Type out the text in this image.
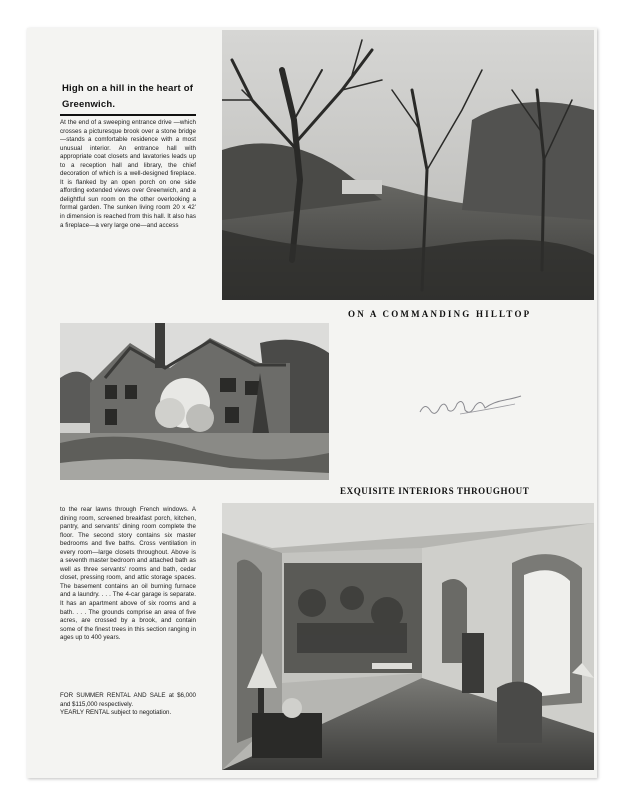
High on a hill in the heart of
Greenwich.
At the end of a sweeping entrance drive —which crosses a picturesque brook over a stone bridge—stands a comfortable residence with a most unusual interior. An entrance hall with appropriate coat closets and lavatories leads up to a reception hall and library, the chief decoration of which is a well-designed fireplace. It is flanked by an open porch on one side affording extended views over Greenwich, and a delightful sun room on the other overlooking a formal garden. The sunken living room 20 x 42' in dimension is reached from this hall. It also has a fireplace—a very large one—and access
ON A COMMANDING HILLTOP
EXQUISITE INTERIORS THROUGHOUT
to the rear lawns through French windows. A dining room, screened breakfast porch, kitchen, pantry, and servants' dining room complete the floor. The second story contains six master bedrooms and five baths. Cross ventilation in every room—large closets throughout. Above is a seventh master bedroom and attached bath as well as three servants' rooms and bath, cedar closet, pressing room, and attic storage spaces. The basement contains an oil burning furnace and a laundry. . . . The 4-car garage is separate. It has an apartment above of six rooms and a bath. . . . The grounds comprise an area of five acres, are crossed by a brook, and contain some of the finest trees in this section ranging in ages up to 400 years.
FOR SUMMER RENTAL AND SALE at $6,000 and $115,000 respectively.
YEARLY RENTAL subject to negotiation.
